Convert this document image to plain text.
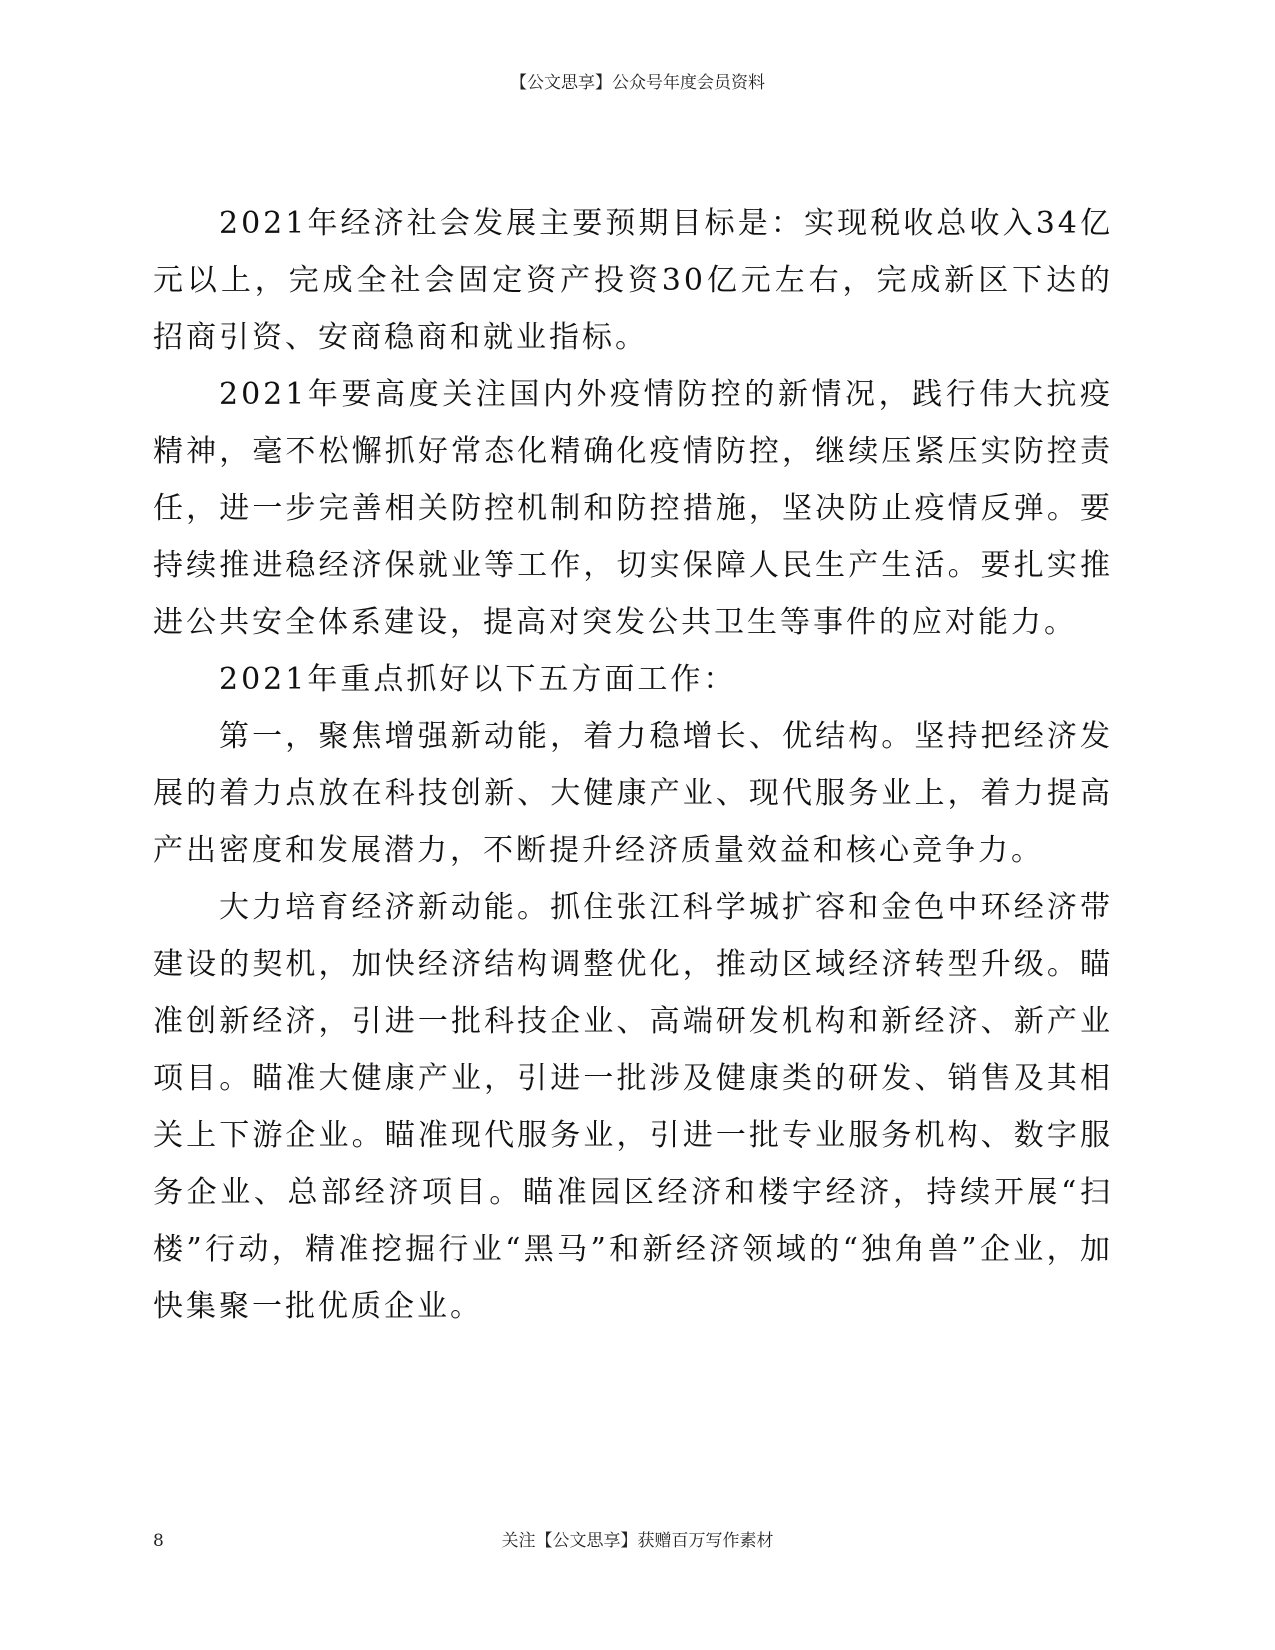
【公文思享】公众号年度会员资料

2021年经济社会发展主要预期目标是：实现税收总收入34亿元以上，完成全社会固定资产投资30亿元左右，完成新区下达的招商引资、安商稳商和就业指标。

2021年要高度关注国内外疫情防控的新情况，践行伟大抗疫精神，毫不松懈抓好常态化精确化疫情防控，继续压紧压实防控责任，进一步完善相关防控机制和防控措施，坚决防止疫情反弹。要持续推进稳经济保就业等工作，切实保障人民生产生活。要扎实推进公共安全体系建设，提高对突发公共卫生等事件的应对能力。

2021年重点抓好以下五方面工作：

第一，聚焦增强新动能，着力稳增长、优结构。坚持把经济发展的着力点放在科技创新、大健康产业、现代服务业上，着力提高产出密度和发展潜力，不断提升经济质量效益和核心竞争力。

大力培育经济新动能。抓住张江科学城扩容和金色中环经济带建设的契机，加快经济结构调整优化，推动区域经济转型升级。瞄准创新经济，引进一批科技企业、高端研发机构和新经济、新产业项目。瞄准大健康产业，引进一批涉及健康类的研发、销售及其相关上下游企业。瞄准现代服务业，引进一批专业服务机构、数字服务企业、总部经济项目。瞄准园区经济和楼宇经济，持续开展“扫楼”行动，精准挖掘行业“黑马”和新经济领域的“独角兽”企业，加快集聚一批优质企业。

8	关注【公文思享】获赠百万写作素材
